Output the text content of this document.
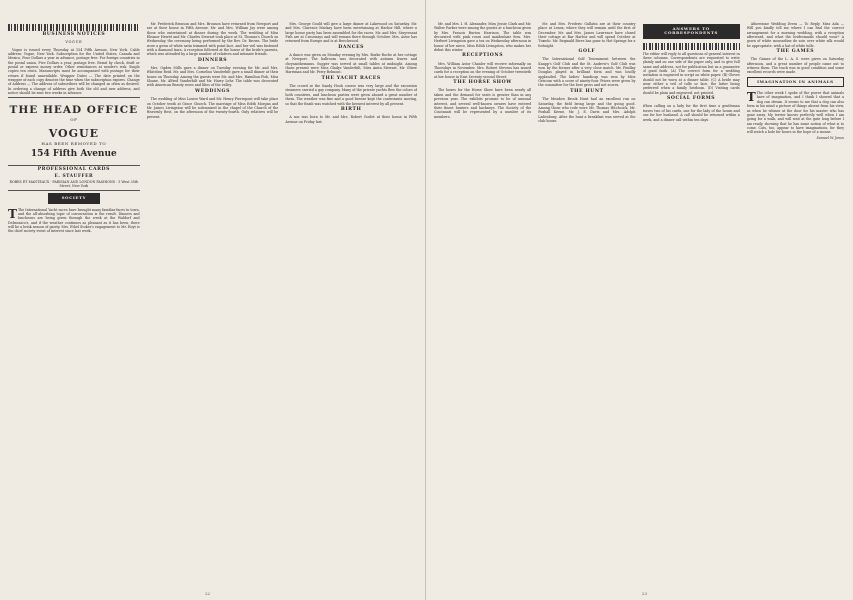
BUSINESS NOTICES
VOGUE

Vogue is issued every Thursday at 154 Fifth Avenue, New York. Cable address: Vogue, New York. Subscription for the United States, Canada and Mexico, Four Dollars a year in advance, postage free. For foreign countries in the postal union, Five Dollars a year, postage free. Remit by check, draft or postal or express money order. Other remittances at sender's risk. Single copies ten cents. Manuscripts must be accompanied with postage for their return if found unavailable. Wrapper Dates — The date printed on the wrapper of each copy denotes the time when the subscription expires. Change of Address — The address of subscribers will be changed as often as desired. In ordering a change of address give both the old and new address, and notice should be sent two weeks in advance.

THE HEAD OFFICE
OF
VOGUE
HAS BEEN REMOVED TO
154 Fifth Avenue
PROFESSIONAL CARDS
E. STAUFFER
ROBES ET MANTEAUX · PARISIAN AND LONDON FASHIONS · 5 West 35th Street, New York
SOCIETY

T The International Yacht races have brought many familiar faces to town, and the all-absorbing topic of conversation is the result. Dinners and luncheons are being given through the week at the Waldorf and Delmonico's, and if the weather continues as pleasant as it has been, there will be a brisk season of gaiety. Mrs. Ethel Stokes's engagement to Mr. Hoyt is the chief society event of interest since last week.

Mr. Frederick Bronson and Mrs. Bronson have returned from Newport and are at their house in Fifth Avenue. Mr. and Mrs. William Jay were among those who entertained at dinner during the week. The wedding of Miss Eleanor Hewitt and Mr. Charles Stewart took place at St. Thomas's Church on Wednesday, the ceremony being performed by the Rev. Dr. Brown. The bride wore a gown of white satin trimmed with point lace, and her veil was fastened with a diamond tiara. A reception followed at the house of the bride's parents, which was attended by a large number of relatives and intimate friends.

DINNERS

Mrs. Ogden Mills gave a dinner on Tuesday evening for Mr. and Mrs. Whitelaw Reid. Mr. and Mrs. Cornelius Vanderbilt gave a small dinner at their house on Thursday. Among the guests were Mr. and Mrs. Hamilton Fish, Miss Sloane, Mr. Alfred Vanderbilt and Mr. Harry Lehr. The table was decorated with American Beauty roses and lilies of the valley.

WEDDINGS

The wedding of Miss Louise Ward and Mr. Henry Pierrepont will take place on October tenth at Grace Church. The marriage of Miss Edith Morgan and Mr. James Livingston will be solemnized in the chapel of the Church of the Heavenly Rest, on the afternoon of the twenty-fourth. Only relatives will be present.

Mrs. George Gould will give a large dinner at Lakewood on Saturday. Mr. and Mrs. Clarence Mackay have been entertaining at Harbor Hill, where a large house party has been assembled for the races. Mr. and Mrs. Stuyvesant Fish are at Crossways and will remain there through October. Mrs. Astor has returned from Europe and is at Beechwood.

DANCES

A dance was given on Monday evening by Mrs. Burke Roche at her cottage at Newport. The ballroom was decorated with autumn leaves and chrysanthemums. Supper was served at small tables at midnight. Among those present were Miss Gladys Vanderbilt, Miss Anita Stewart, Mr. Oliver Harriman and Mr. Perry Belmont.

THE YACHT RACES

The crowd at the Sandy Hook course was very large and the excursion steamers carried a gay company. Many of the private yachts flew the colors of both countries, and luncheon parties were given aboard a great number of them. The weather was fine and a good breeze kept the contestants moving, so that the finish was watched with the keenest interest by all present.

BIRTH

A son was born to Mr. and Mrs. Robert Goelet at their house in Fifth Avenue on Friday last.

22

Mr. and Mrs. I. H. Alexander, Miss Jessie Clark and Mr. Walter Parker were among the guests at a luncheon given by Mrs. Francis Burton Harrison. The table was decorated with pink roses and maidenhair fern. Mrs. Herbert Livingston gave a tea on Wednesday afternoon in honor of her niece, Miss Edith Livingston, who makes her debut this winter.

RECEPTIONS

Mrs. William Astor Chanler will receive informally on Thursdays in November. Mrs. Robert Stevens has issued cards for a reception on the evening of October twentieth at her house in East Seventy-second Street.

THE HORSE SHOW

The boxes for the Horse Show have been nearly all taken and the demand for seats is greater than in any previous year. The exhibits promise to be of unusual interest, and several well-known owners have entered their finest hunters and hackneys. The Society of the Cincinnati will be represented by a number of its members.

Mr. and Mrs. Frederic Gallatin are at their country place at Lenox, where they will remain until the first of December. Mr. and Mrs. James Lawrence have closed their cottage at Bar Harbor and will spend October at Tuxedo. Mr. Reginald Rives has gone to Hot Springs for a fortnight.

GOLF

The International Golf Tournament between the Knapp's Golf Club and the St. Andrew's Golf Club was won by the former after a very close match. Mr. Findlay Douglas played in brilliant form and was loudly applauded. The ladies' handicap was won by Miss Griscom with a score of ninety-four. Prizes were given by the committee for the best gross and net scores.

THE HUNT

The Meadow Brook Hunt had an excellent run on Saturday, the field being large and the going good. Among those who rode were Mr. Thomas Hitchcock, Mr. Foxhall Keene, Mr. J. E. Davis and Mrs. Adolph Ladenburg. After the hunt a breakfast was served at the club house.

ANSWERS TO CORRESPONDENTS

The editor will reply to all questions of general interest in these columns. Correspondents are requested to write plainly and on one side of the paper only, and to give full name and address, not for publication but as a guarantee of good faith. (A) The correct form for a wedding invitation is engraved in script on white paper. (B) Gloves should not be worn at a dinner table. (C) A bride may wear either a veil of tulle or lace, the latter being preferred when a family heirloom. (D) Visiting cards should be plain and engraved, not printed.

SOCIAL FORMS

When calling on a lady for the first time a gentleman leaves two of his cards, one for the lady of the house and one for her husband. A call should be returned within a week, and a dinner call within ten days.

Atherstone Wedding Dress — To Reply. Miss Ada — Will you kindly tell me where I can find the correct arrangement for a morning wedding, with a reception afterward, and what the bridesmaids should wear? A gown of white mousseline de soie over white silk would be appropriate, with a hat of white tulle.

THE GAMES

The Games of the L. A. S. were given on Saturday afternoon, and a great number of people came out to witness them. The track was in good condition and some excellent records were made.

IMAGINATION IN ANIMALS

T The other week I spoke of the power that animals have of imagination, and I think I showed that a dog can dream. It seems to me that a dog can also form in his mind a picture of things absent from his view, as when he whines at the door for his master who has gone away. My terrier knows perfectly well when I am going for a walk, and will wait at the gate long before I am ready, showing that he has some notion of what is to come. Cats, too, appear to have imaginations, for they will watch a hole for hours in the hope of a mouse.

Samuel W. Jones

23
